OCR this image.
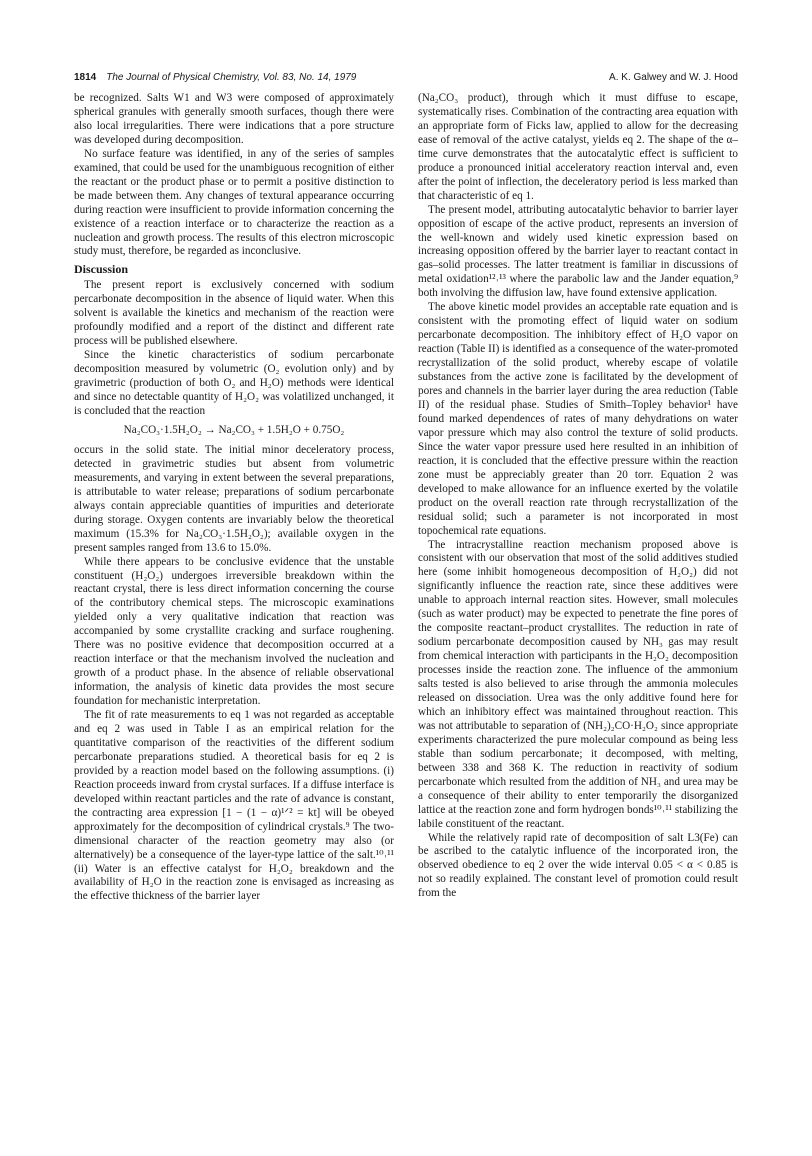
1814 The Journal of Physical Chemistry, Vol. 83, No. 14, 1979	A. K. Galwey and W. J. Hood

be recognized. Salts W1 and W3 were composed of approximately spherical granules with generally smooth surfaces, though there were also local irregularities. There were indications that a pore structure was developed during decomposition.

No surface feature was identified, in any of the series of samples examined, that could be used for the unambiguous recognition of either the reactant or the product phase or to permit a positive distinction to be made between them. Any changes of textural appearance occurring during reaction were insufficient to provide information concerning the existence of a reaction interface or to characterize the reaction as a nucleation and growth process. The results of this electron microscopic study must, therefore, be regarded as inconclusive.

Discussion

The present report is exclusively concerned with sodium percarbonate decomposition in the absence of liquid water. When this solvent is available the kinetics and mechanism of the reaction were profoundly modified and a report of the distinct and different rate process will be published elsewhere.

Since the kinetic characteristics of sodium percarbonate decomposition measured by volumetric (O₂ evolution only) and by gravimetric (production of both O₂ and H₂O) methods were identical and since no detectable quantity of H₂O₂ was volatilized unchanged, it is concluded that the reaction

Na₂CO₃·1.5H₂O₂ → Na₂CO₃ + 1.5H₂O + 0.75O₂

occurs in the solid state. The initial minor deceleratory process, detected in gravimetric studies but absent from volumetric measurements, and varying in extent between the several preparations, is attributable to water release; preparations of sodium percarbonate always contain appreciable quantities of impurities and deteriorate during storage. Oxygen contents are invariably below the theoretical maximum (15.3% for Na₂CO₃·1.5H₂O₂); available oxygen in the present samples ranged from 13.6 to 15.0%.

While there appears to be conclusive evidence that the unstable constituent (H₂O₂) undergoes irreversible breakdown within the reactant crystal, there is less direct information concerning the course of the contributory chemical steps. The microscopic examinations yielded only a very qualitative indication that reaction was accompanied by some crystallite cracking and surface roughening. There was no positive evidence that decomposition occurred at a reaction interface or that the mechanism involved the nucleation and growth of a product phase. In the absence of reliable observational information, the analysis of kinetic data provides the most secure foundation for mechanistic interpretation.

The fit of rate measurements to eq 1 was not regarded as acceptable and eq 2 was used in Table I as an empirical relation for the quantitative comparison of the reactivities of the different sodium percarbonate preparations studied. A theoretical basis for eq 2 is provided by a reaction model based on the following assumptions. (i) Reaction proceeds inward from crystal surfaces. If a diffuse interface is developed within reactant particles and the rate of advance is constant, the contracting area expression [1 − (1 − α)¹ᐟ² = kt] will be obeyed approximately for the decomposition of cylindrical crystals.⁹ The two-dimensional character of the reaction geometry may also (or alternatively) be a consequence of the layer-type lattice of the salt.¹⁰˒¹¹ (ii) Water is an effective catalyst for H₂O₂ breakdown and the availability of H₂O in the reaction zone is envisaged as increasing as the effective thickness of the barrier layer

(Na₂CO₃ product), through which it must diffuse to escape, systematically rises. Combination of the contracting area equation with an appropriate form of Ficks law, applied to allow for the decreasing ease of removal of the active catalyst, yields eq 2. The shape of the α–time curve demonstrates that the autocatalytic effect is sufficient to produce a pronounced initial acceleratory reaction interval and, even after the point of inflection, the deceleratory period is less marked than that characteristic of eq 1.

The present model, attributing autocatalytic behavior to barrier layer opposition of escape of the active product, represents an inversion of the well-known and widely used kinetic expression based on increasing opposition offered by the barrier layer to reactant contact in gas–solid processes. The latter treatment is familiar in discussions of metal oxidation¹²˒¹³ where the parabolic law and the Jander equation,⁹ both involving the diffusion law, have found extensive application.

The above kinetic model provides an acceptable rate equation and is consistent with the promoting effect of liquid water on sodium percarbonate decomposition. The inhibitory effect of H₂O vapor on reaction (Table II) is identified as a consequence of the water-promoted recrystallization of the solid product, whereby escape of volatile substances from the active zone is facilitated by the development of pores and channels in the barrier layer during the area reduction (Table II) of the residual phase. Studies of Smith–Topley behavior¹ have found marked dependences of rates of many dehydrations on water vapor pressure which may also control the texture of solid products. Since the water vapor pressure used here resulted in an inhibition of reaction, it is concluded that the effective pressure within the reaction zone must be appreciably greater than 20 torr. Equation 2 was developed to make allowance for an influence exerted by the volatile product on the overall reaction rate through recrystallization of the residual solid; such a parameter is not incorporated in most topochemical rate equations.

The intracrystalline reaction mechanism proposed above is consistent with our observation that most of the solid additives studied here (some inhibit homogeneous decomposition of H₂O₂) did not significantly influence the reaction rate, since these additives were unable to approach internal reaction sites. However, small molecules (such as water product) may be expected to penetrate the fine pores of the composite reactant–product crystallites. The reduction in rate of sodium percarbonate decomposition caused by NH₃ gas may result from chemical interaction with participants in the H₂O₂ decomposition processes inside the reaction zone. The influence of the ammonium salts tested is also believed to arise through the ammonia molecules released on dissociation. Urea was the only additive found here for which an inhibitory effect was maintained throughout reaction. This was not attributable to separation of (NH₂)₂CO·H₂O₂ since appropriate experiments characterized the pure molecular compound as being less stable than sodium percarbonate; it decomposed, with melting, between 338 and 368 K. The reduction in reactivity of sodium percarbonate which resulted from the addition of NH₃ and urea may be a consequence of their ability to enter temporarily the disorganized lattice at the reaction zone and form hydrogen bonds¹⁰˒¹¹ stabilizing the labile constituent of the reactant.

While the relatively rapid rate of decomposition of salt L3(Fe) can be ascribed to the catalytic influence of the incorporated iron, the observed obedience to eq 2 over the wide interval 0.05 < α < 0.85 is not so readily explained. The constant level of promotion could result from the
